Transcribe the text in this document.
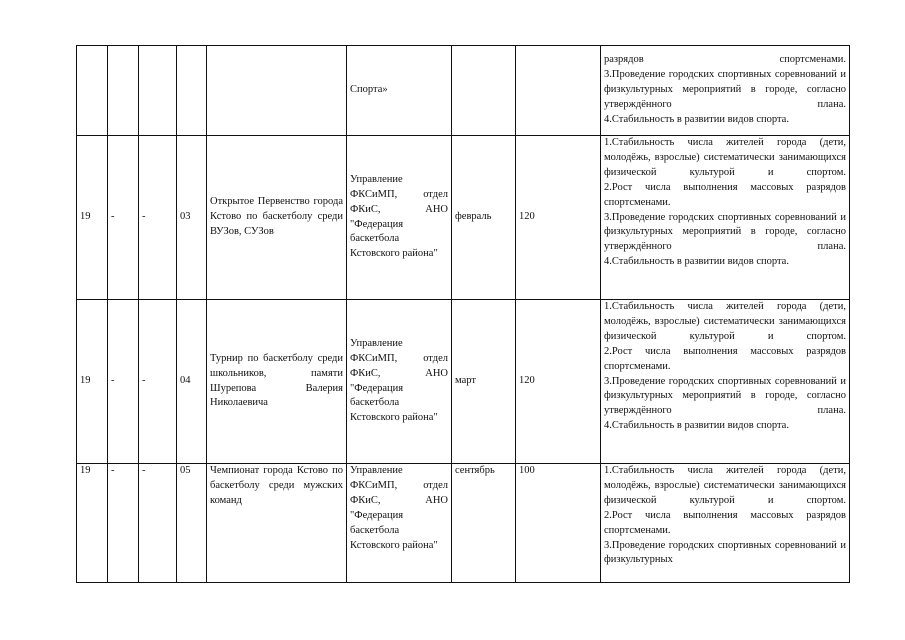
					Спорта»			разрядов спортсменами.
3.Проведение городских спортивных соревнований и физкультурных мероприятий в городе, согласно утверждённого плана.
4.Стабильность в развитии видов спорта.

19	-	-	03	Открытое Первенство города Кстово по баскетболу среди ВУЗов, СУЗов	Управление ФКСиМП, отдел ФКиС, АНО "Федерация баскетбола Кстовского района"	февраль	120	1.Стабильность числа жителей города (дети, молодёжь, взрослые) систематически занимающихся физической культурой и спортом.
2.Рост числа выполнения массовых разрядов спортсменами.
3.Проведение городских спортивных соревнований и физкультурных мероприятий в городе, согласно утверждённого плана.
4.Стабильность в развитии видов спорта.

19	-	-	04	Турнир по баскетболу среди школьников, памяти Шурепова Валерия Николаевича	Управление ФКСиМП, отдел ФКиС, АНО "Федерация баскетбола Кстовского района"	март	120	1.Стабильность числа жителей города (дети, молодёжь, взрослые) систематически занимающихся физической культурой и спортом.
2.Рост числа выполнения массовых разрядов спортсменами.
3.Проведение городских спортивных соревнований и физкультурных мероприятий в городе, согласно утверждённого плана.
4.Стабильность в развитии видов спорта.

19	-	-	05	Чемпионат города Кстово по баскетболу среди мужских команд	Управление ФКСиМП, отдел ФКиС, АНО "Федерация баскетбола Кстовского района"	сентябрь	100	1.Стабильность числа жителей города (дети, молодёжь, взрослые) систематически занимающихся физической культурой и спортом.
2.Рост числа выполнения массовых разрядов спортсменами.
3.Проведение городских спортивных соревнований и физкультурных
